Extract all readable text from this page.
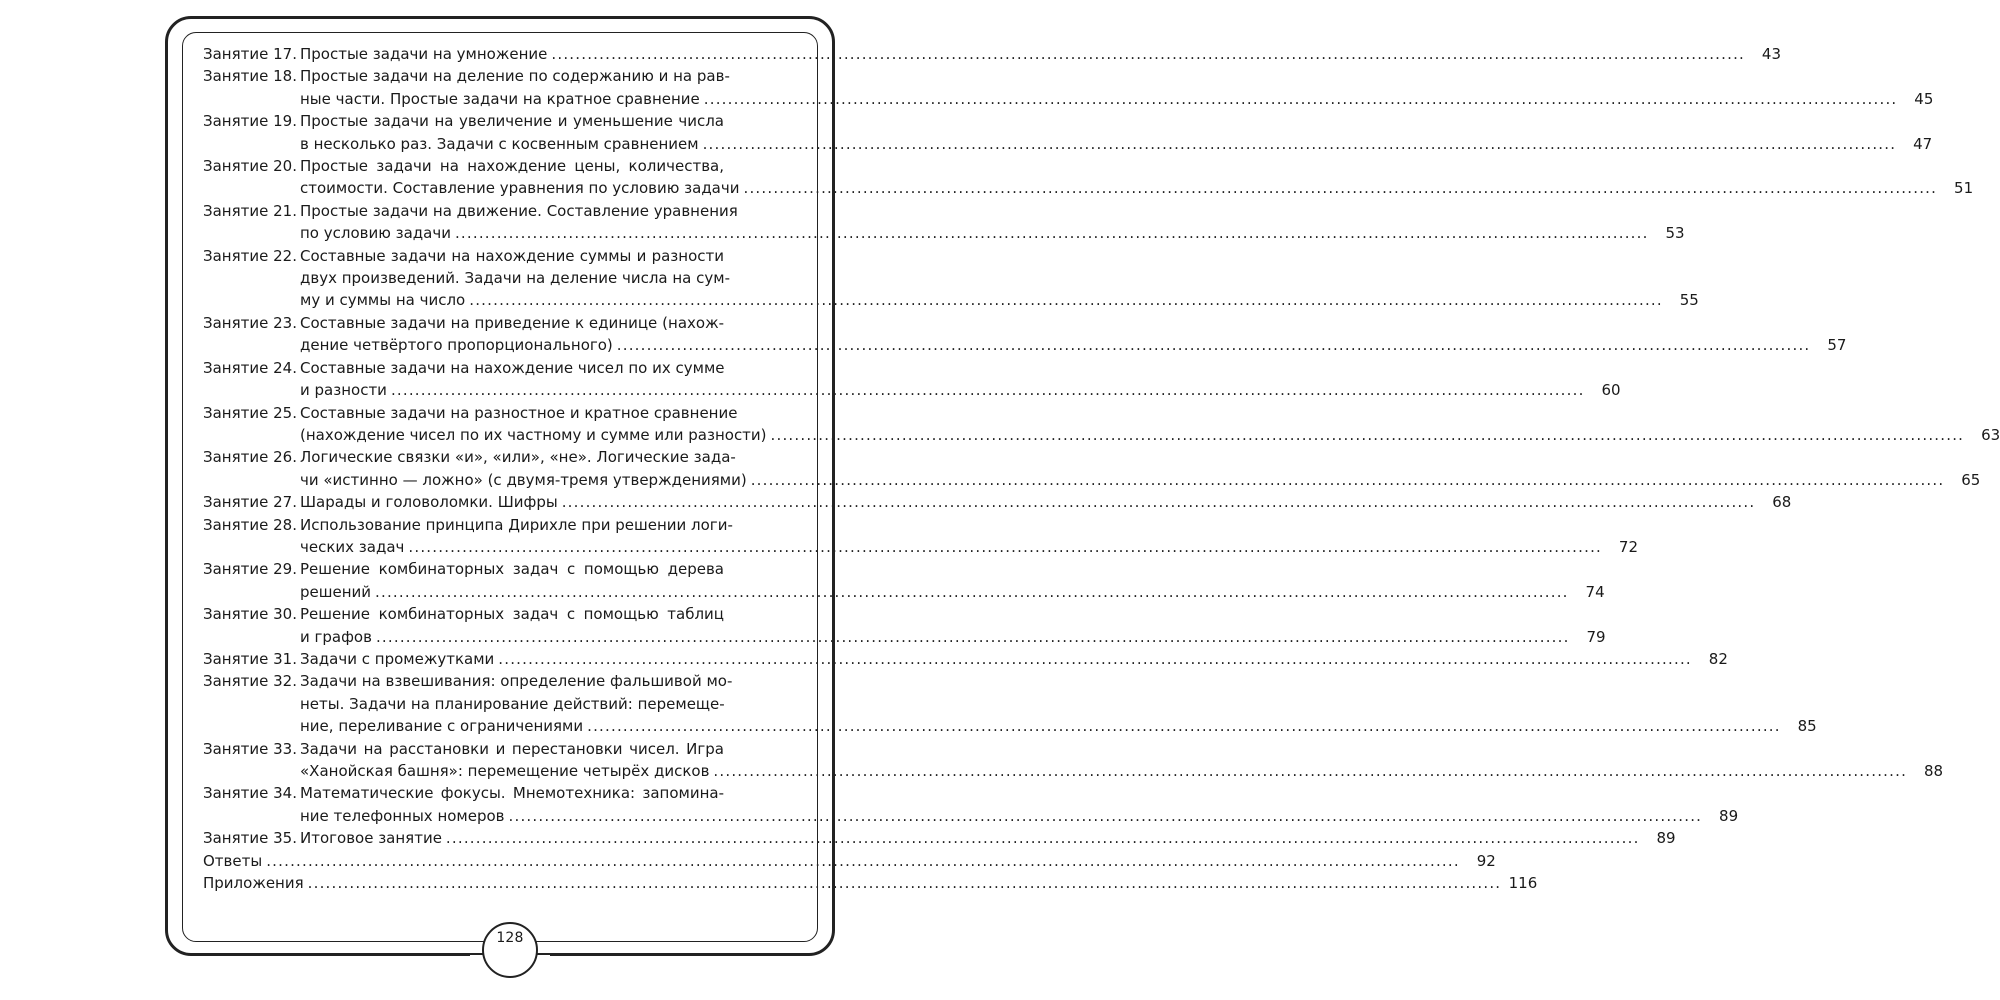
Занятие 17. Простые задачи на умножение ........................................................................................................................................................................................................	43
Занятие 18. Простые задачи на деление по содержанию и на рав-
ные части. Простые задачи на кратное сравнение ........................................................................................................................................................................................................	45
Занятие 19. Простые задачи на увеличение и уменьшение числа
в несколько раз. Задачи с косвенным сравнением ........................................................................................................................................................................................................	47
Занятие 20. Простые задачи на нахождение цены, количества,
стоимости. Составление уравнения по условию задачи ........................................................................................................................................................................................................	51
Занятие 21. Простые задачи на движение. Составление уравнения
по условию задачи ........................................................................................................................................................................................................	53
Занятие 22. Составные задачи на нахождение суммы и разности
двух произведений. Задачи на деление числа на сум-
му и суммы на число ........................................................................................................................................................................................................	55
Занятие 23. Составные задачи на приведение к единице (нахож-
дение четвёртого пропорционального) ........................................................................................................................................................................................................	57
Занятие 24. Составные задачи на нахождение чисел по их сумме
и разности ........................................................................................................................................................................................................	60
Занятие 25. Составные задачи на разностное и кратное сравнение
(нахождение чисел по их частному и сумме или разности) ........................................................................................................................................................................................................	63
Занятие 26. Логические связки «и», «или», «не». Логические зада-
чи «истинно — ложно» (с двумя-тремя утверждениями) ........................................................................................................................................................................................................	65
Занятие 27. Шарады и головоломки. Шифры ........................................................................................................................................................................................................	68
Занятие 28. Использование принципа Дирихле при решении логи-
ческих задач ........................................................................................................................................................................................................	72
Занятие 29. Решение комбинаторных задач с помощью дерева
решений ........................................................................................................................................................................................................	74
Занятие 30. Решение комбинаторных задач с помощью таблиц
и графов ........................................................................................................................................................................................................	79
Занятие 31. Задачи с промежутками ........................................................................................................................................................................................................	82
Занятие 32. Задачи на взвешивания: определение фальшивой мо-
неты. Задачи на планирование действий: перемеще-
ние, переливание с ограничениями ........................................................................................................................................................................................................	85
Занятие 33. Задачи на расстановки и перестановки чисел. Игра
«Ханойская башня»: перемещение четырёх дисков ........................................................................................................................................................................................................	88
Занятие 34. Математические фокусы. Мнемотехника: запомина-
ние телефонных номеров ........................................................................................................................................................................................................	89
Занятие 35. Итоговое занятие ........................................................................................................................................................................................................	89
Ответы ........................................................................................................................................................................................................	92
Приложения ........................................................................................................................................................................................................ 116
128
